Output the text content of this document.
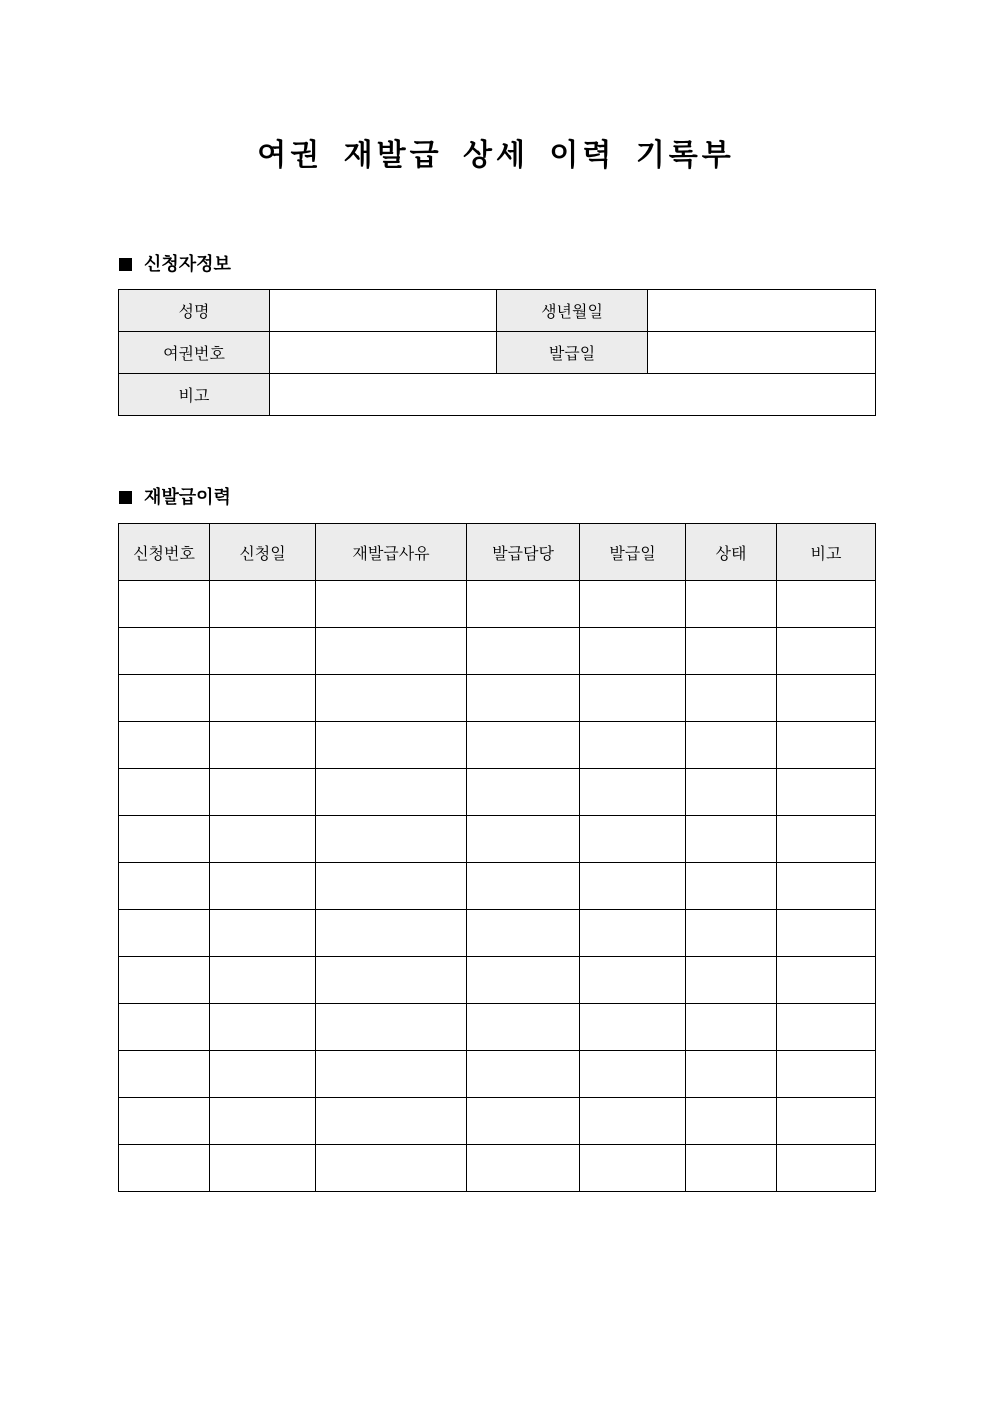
여권 재발급 상세 이력 기록부
신청자정보
성명		생년월일	
여권번호		발급일	
비고			
재발급이력
신청번호	신청일	재발급사유	발급담당	발급일	상태	비고
